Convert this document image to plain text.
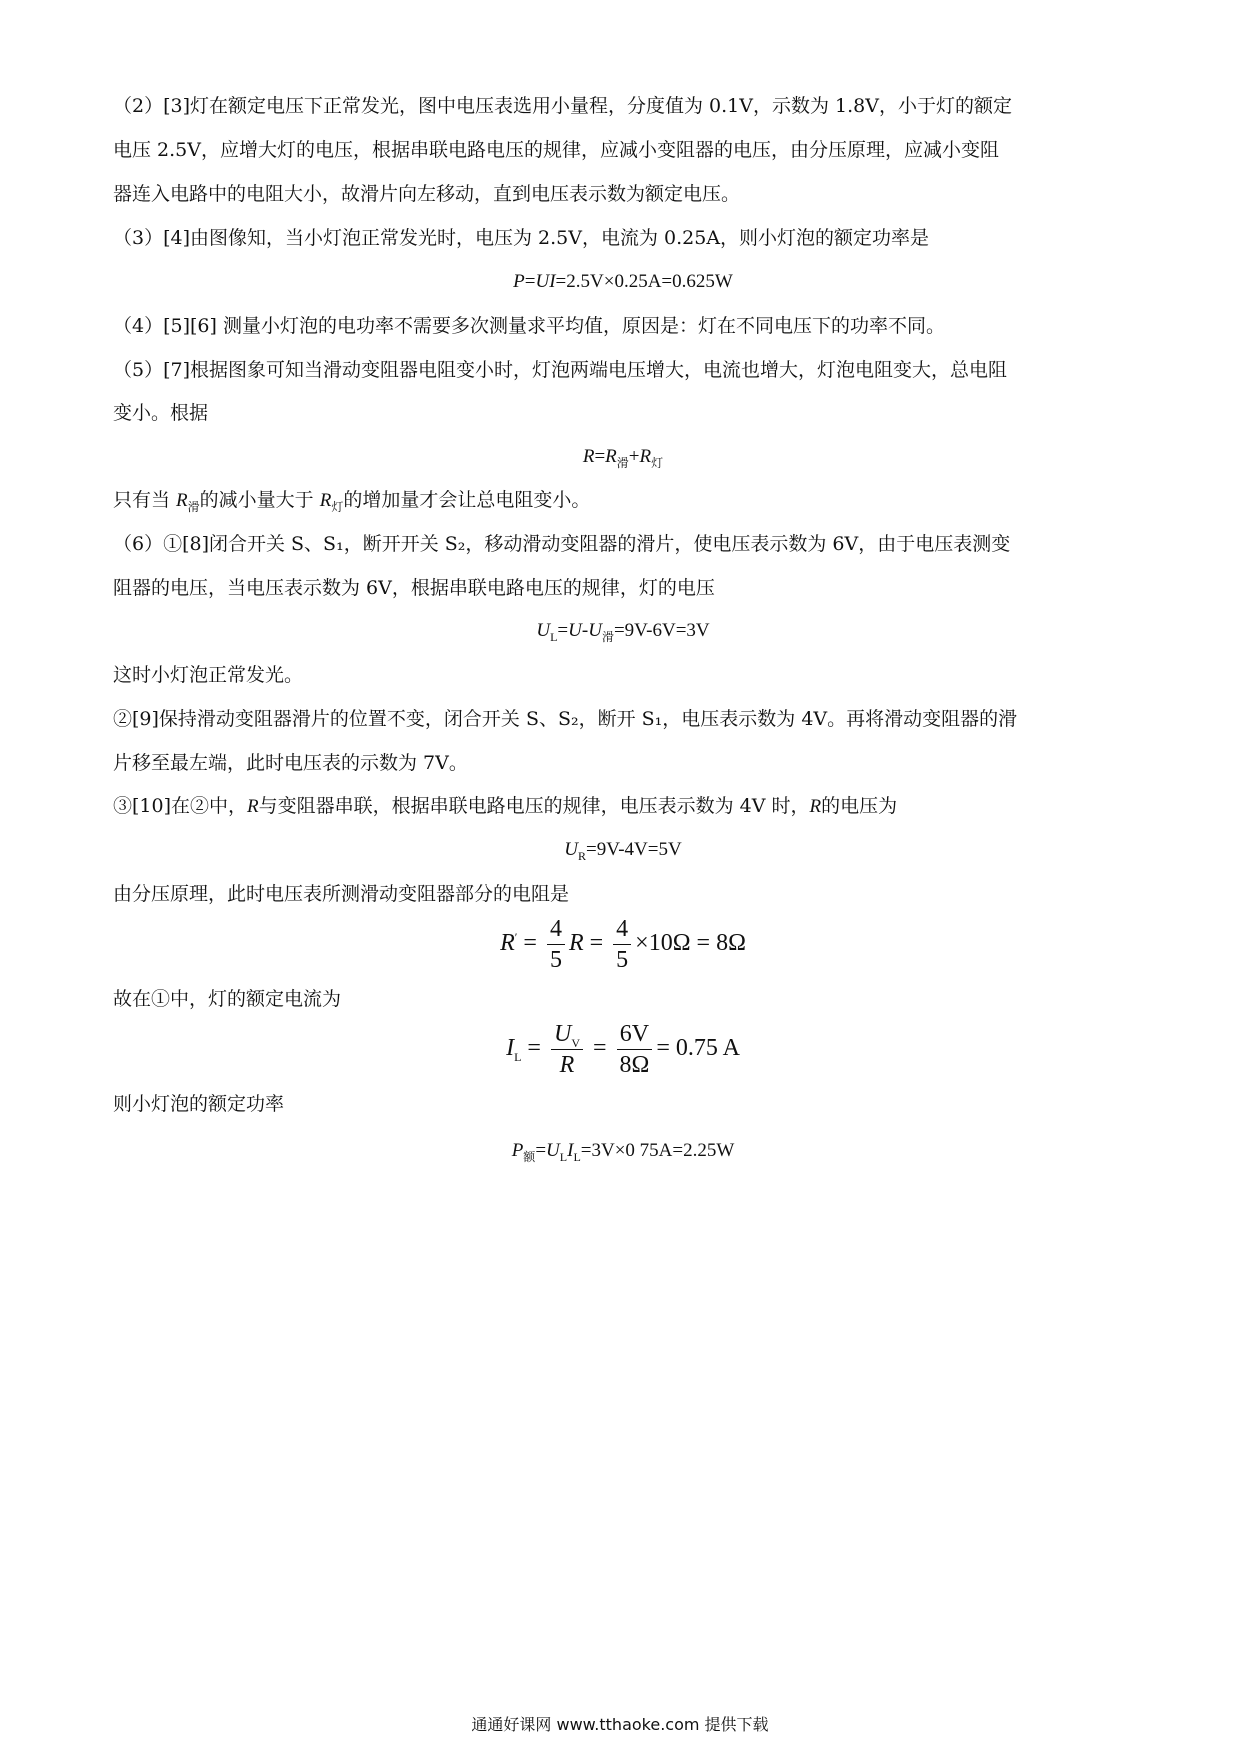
（2）[3]灯在额定电压下正常发光，图中电压表选用小量程，分度值为 0.1V，示数为 1.8V，小于灯的额定
电压 2.5V，应增大灯的电压，根据串联电路电压的规律，应减小变阻器的电压，由分压原理，应减小变阻
器连入电路中的电阻大小，故滑片向左移动，直到电压表示数为额定电压。
（3）[4]由图像知，当小灯泡正常发光时，电压为 2.5V，电流为 0.25A，则小灯泡的额定功率是
P=UI=2.5V×0.25A=0.625W
（4）[5][6] 测量小灯泡的电功率不需要多次测量求平均值，原因是：灯在不同电压下的功率不同。
（5）[7]根据图象可知当滑动变阻器电阻变小时，灯泡两端电压增大，电流也增大，灯泡电阻变大，总电阻
变小。根据
$R=R_滑+R_灯$
只有当 $R_滑$的减小量大于 $R_灯$的增加量才会让总电阻变小。
（6）①[8]闭合开关 S、S₁，断开开关 S₂，移动滑动变阻器的滑片，使电压表示数为 6V，由于电压表测变
阻器的电压，当电压表示数为 6V，根据串联电路电压的规律，灯的电压
$U_L=U-U_滑=9V-6V=3V$
这时小灯泡正常发光。
②[9]保持滑动变阻器滑片的位置不变，闭合开关 S、S₂，断开 S₁，电压表示数为 4V。再将滑动变阻器的滑
片移至最左端，此时电压表的示数为 7V。
③[10]在②中，R与变阻器串联，根据串联电路电压的规律，电压表示数为 4V 时，R的电压为
$U_R=9V-4V=5V$
由分压原理，此时电压表所测滑动变阻器部分的电阻是
$R' = \frac{4}{5}$ $R = \frac{4}{5} \times 10\Omega = 8\Omega$
故在①中，灯的额定电流为
$I_L = \frac{U_V}{R} = \frac{6V}{8\Omega} = 0.75$ A
则小灯泡的额定功率
$P_额=U_LI_L=3V\times 0$ 75A=2.25W
通通好课网 www.tthaoke.com 提供下载
